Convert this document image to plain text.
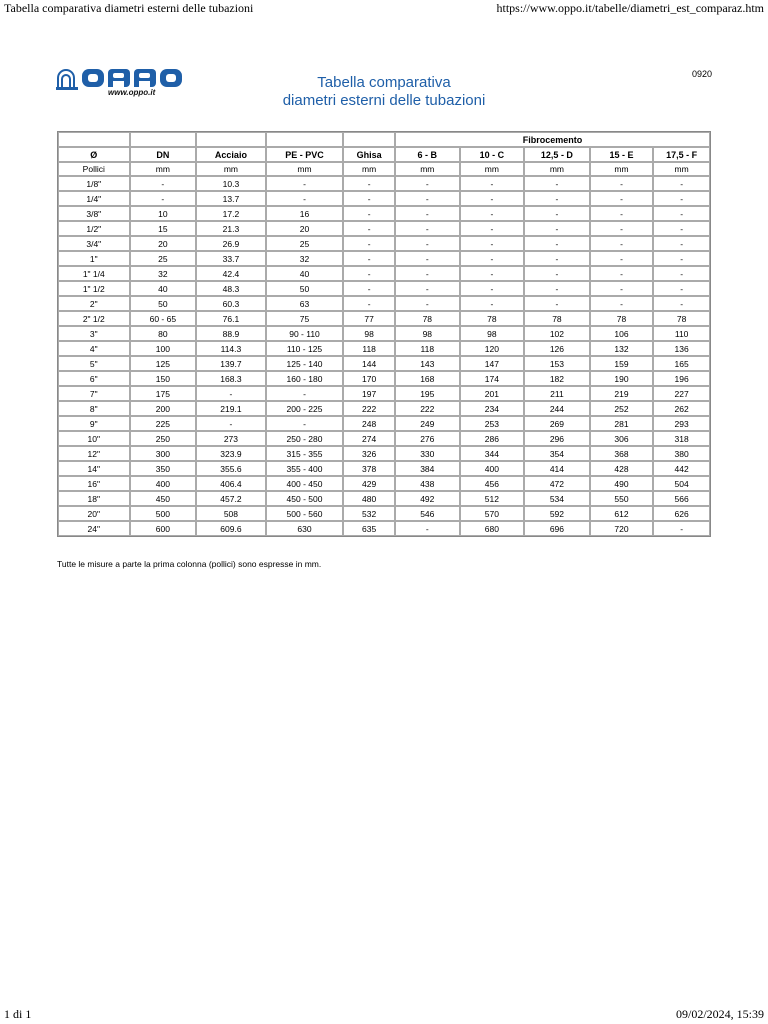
Tabella comparativa diametri esterni delle tubazioni	https://www.oppo.it/tabelle/diametri_est_comparaz.htm
www.oppo.it
Tabella comparativa
diametri esterni delle tubazioni
0920
					Fibrocemento				
Ø	DN	Acciaio	PE - PVC	Ghisa	6 - B	10 - C	12,5 - D	15 - E	17,5 - F
Pollici	mm	mm	mm	mm	mm	mm	mm	mm	mm
1/8"	-	10.3	-	-	-	-	-	-	-
1/4"	-	13.7	-	-	-	-	-	-	-
3/8"	10	17.2	16	-	-	-	-	-	-
1/2"	15	21.3	20	-	-	-	-	-	-
3/4"	20	26.9	25	-	-	-	-	-	-
1"	25	33.7	32	-	-	-	-	-	-
1" 1/4	32	42.4	40	-	-	-	-	-	-
1" 1/2	40	48.3	50	-	-	-	-	-	-
2"	50	60.3	63	-	-	-	-	-	-
2" 1/2	60 - 65	76.1	75	77	78	78	78	78	78
3"	80	88.9	90 - 110	98	98	98	102	106	110
4"	100	114.3	110 - 125	118	118	120	126	132	136
5"	125	139.7	125 - 140	144	143	147	153	159	165
6"	150	168.3	160 - 180	170	168	174	182	190	196
7"	175	-	-	197	195	201	211	219	227
8"	200	219.1	200 - 225	222	222	234	244	252	262
9"	225	-	-	248	249	253	269	281	293
10"	250	273	250 - 280	274	276	286	296	306	318
12"	300	323.9	315 - 355	326	330	344	354	368	380
14"	350	355.6	355 - 400	378	384	400	414	428	442
16"	400	406.4	400 - 450	429	438	456	472	490	504
18"	450	457.2	450 - 500	480	492	512	534	550	566
20"	500	508	500 - 560	532	546	570	592	612	626
24"	600	609.6	630	635	-	680	696	720	-
Tutte le misure a parte la prima colonna (pollici) sono espresse in mm.
1 di 1	09/02/2024, 15:39
